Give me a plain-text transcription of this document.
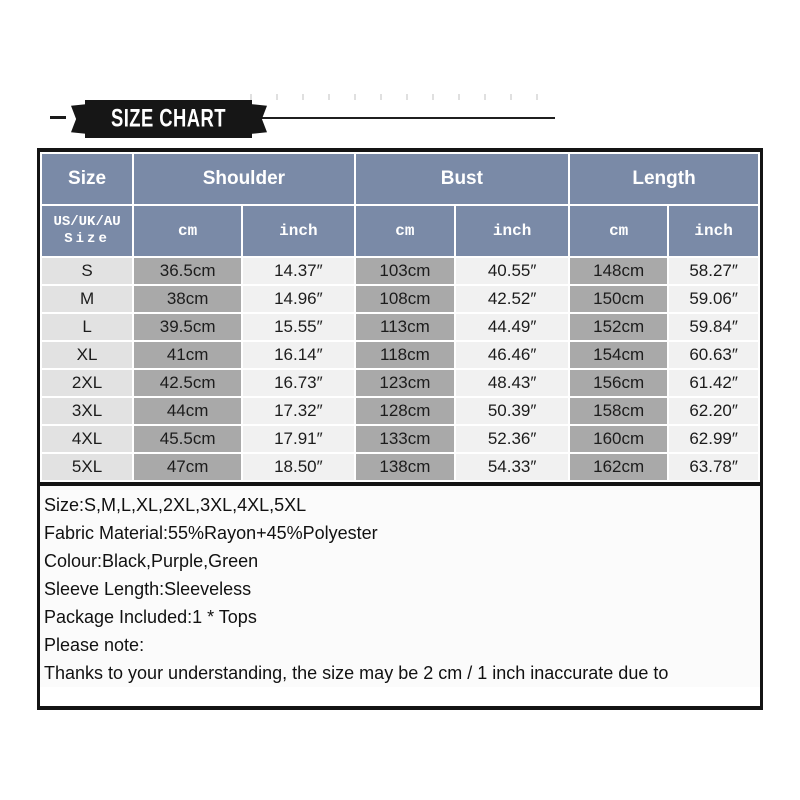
SIZE CHART
Size	Shoulder		Bust		Length	

US/UK/AU
Size	cm	inch	cm	inch	cm	inch
S	36.5cm	14.37″	103cm	40.55″	148cm	58.27″
M	38cm	14.96″	108cm	42.52″	150cm	59.06″
L	39.5cm	15.55″	113cm	44.49″	152cm	59.84″
XL	41cm	16.14″	118cm	46.46″	154cm	60.63″
2XL	42.5cm	16.73″	123cm	48.43″	156cm	61.42″
3XL	44cm	17.32″	128cm	50.39″	158cm	62.20″
4XL	45.5cm	17.91″	133cm	52.36″	160cm	62.99″
5XL	47cm	18.50″	138cm	54.33″	162cm	63.78″
Size:S,M,L,XL,2XL,3XL,4XL,5XL
Fabric Material:55%Rayon+45%Polyester
Colour:Black,Purple,Green
Sleeve Length:Sleeveless
Package Included:1 * Tops
Please note:
Thanks to your understanding, the size may be 2 cm / 1 inch inaccurate due to
